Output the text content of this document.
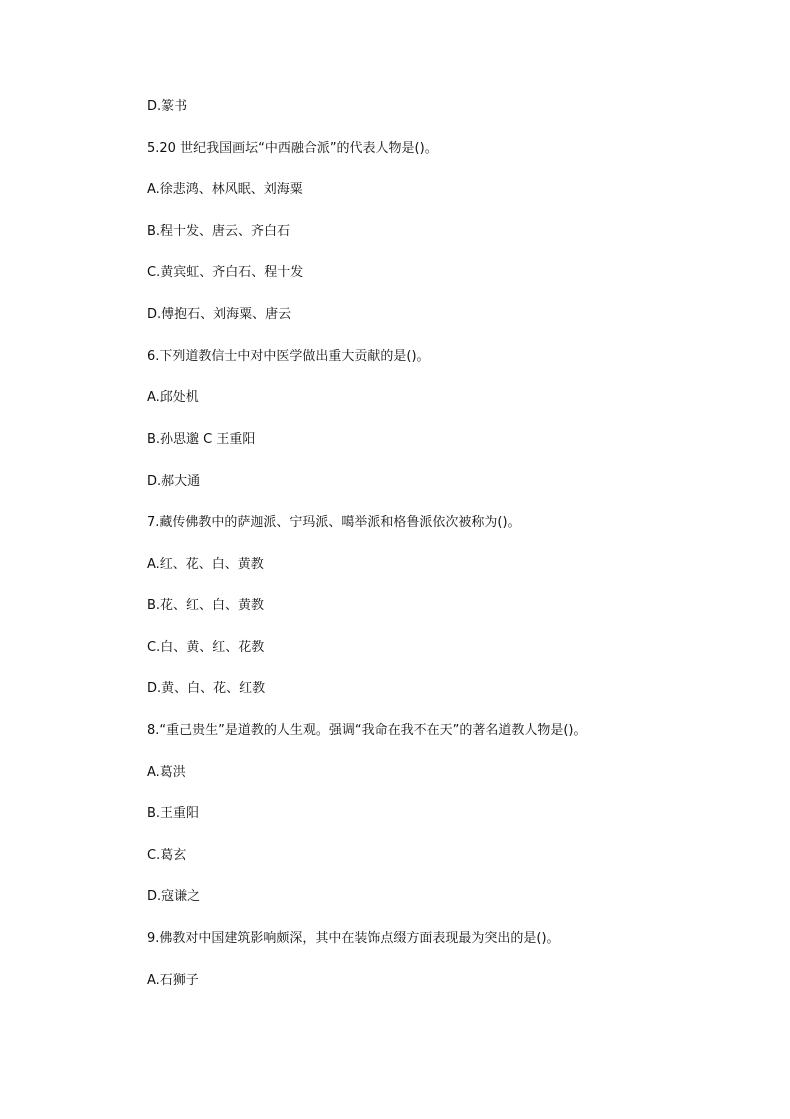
D.篆书
5.20 世纪我国画坛“中西融合派”的代表人物是()。
A.徐悲鸿、林风眠、刘海粟
B.程十发、唐云、齐白石
C.黄宾虹、齐白石、程十发
D.傅抱石、刘海粟、唐云
6.下列道教信士中对中医学做出重大贡献的是()。
A.邱处机
B.孙思邈 C 王重阳
D.郝大通
7.藏传佛教中的萨迦派、宁玛派、噶举派和格鲁派依次被称为()。
A.红、花、白、黄教
B.花、红、白、黄教
C.白、黄、红、花教
D.黄、白、花、红教
8.“重己贵生”是道教的人生观。强调“我命在我不在天”的著名道教人物是()。
A.葛洪
B.王重阳
C.葛玄
D.寇谦之
9.佛教对中国建筑影响颇深，其中在装饰点缀方面表现最为突出的是()。
A.石狮子
